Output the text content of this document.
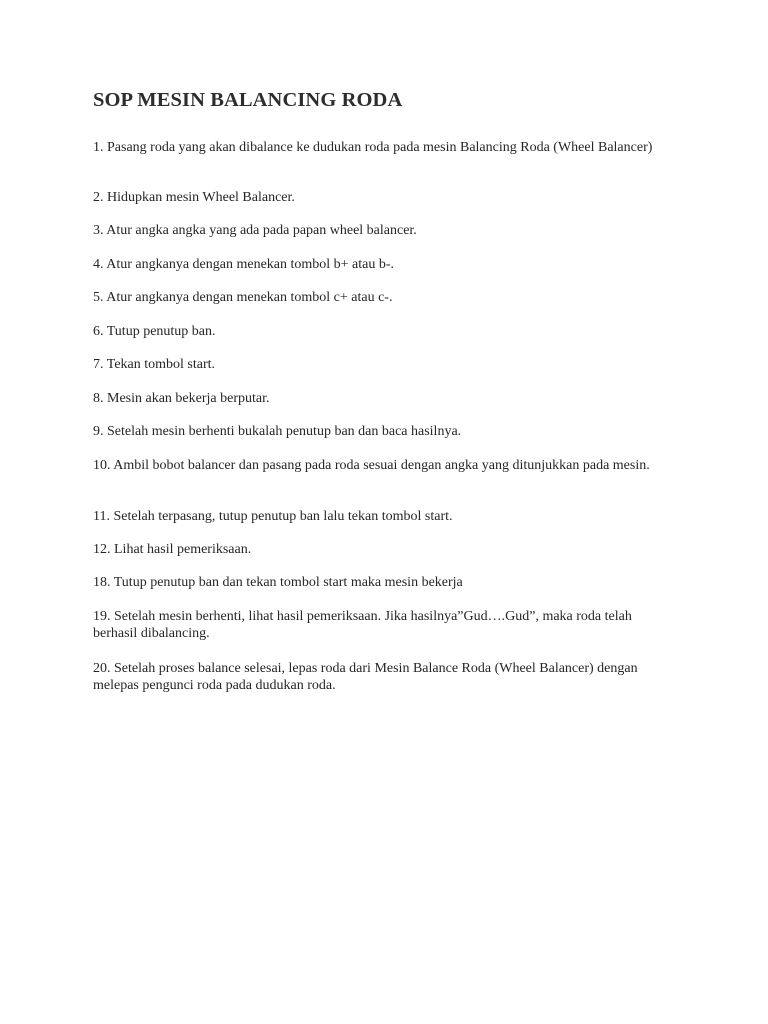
SOP MESIN BALANCING RODA

1. Pasang roda yang akan dibalance ke dudukan roda pada mesin Balancing Roda (Wheel Balancer)

2. Hidupkan mesin Wheel Balancer.

3. Atur angka angka yang ada pada papan wheel balancer.

4. Atur angkanya dengan menekan tombol b+ atau b-.

5. Atur angkanya dengan menekan tombol c+ atau c-.

6. Tutup penutup ban.

7. Tekan tombol start.

8. Mesin akan bekerja berputar.

9. Setelah mesin berhenti bukalah penutup ban dan baca hasilnya.

10. Ambil bobot balancer dan pasang pada roda sesuai dengan angka yang ditunjukkan pada mesin.

11. Setelah terpasang, tutup penutup ban lalu tekan tombol start.

12. Lihat hasil pemeriksaan.

18. Tutup penutup ban dan tekan tombol start maka mesin bekerja

19. Setelah mesin berhenti, lihat hasil pemeriksaan. Jika hasilnya”Gud….Gud”, maka roda telah berhasil dibalancing.

20. Setelah proses balance selesai, lepas roda dari Mesin Balance Roda (Wheel Balancer) dengan melepas pengunci roda pada dudukan roda.
